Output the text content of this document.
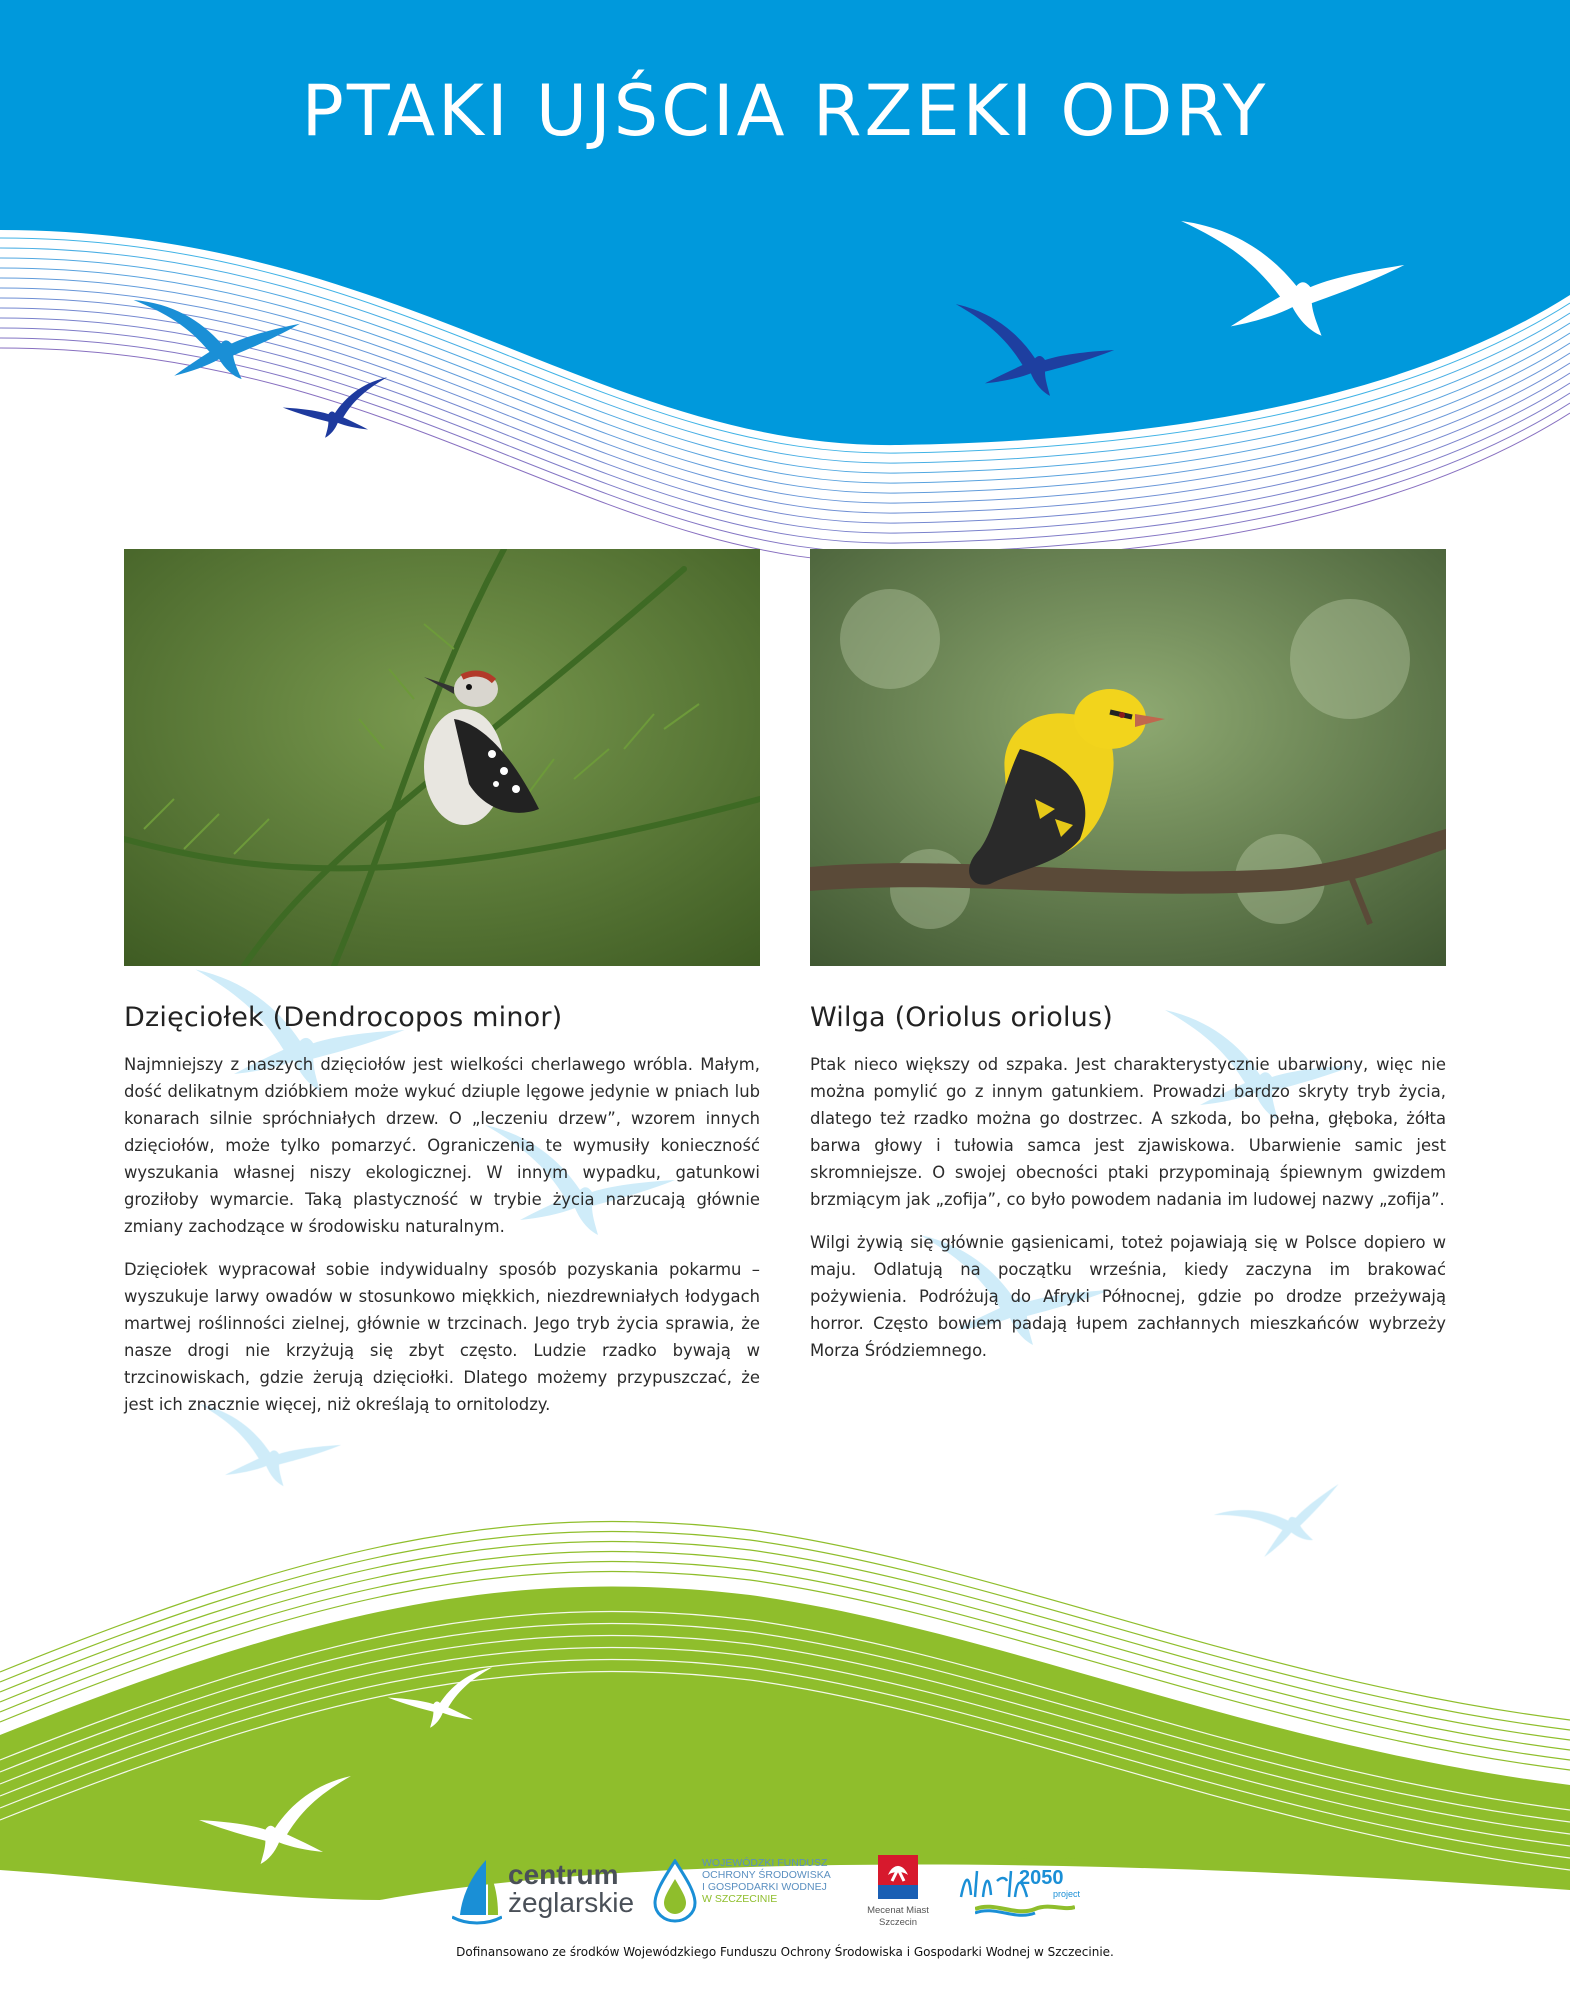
PTAKI UJŚCIA RZEKI ODRY
Dzięciołek (Dendrocopos minor)

Najmniejszy z naszych dzięciołów jest wielkości cherlawego wróbla. Małym, dość delikatnym dzióbkiem może wykuć dziuple lęgowe jedynie w pniach lub konarach silnie spróchniałych drzew. O „leczeniu drzew”, wzorem innych dzięciołów, może tylko pomarzyć. Ograniczenia te wymusiły konieczność wyszukania własnej niszy ekologicznej. W innym wypadku, gatunkowi groziłoby wymarcie. Taką plastyczność w trybie życia narzucają głównie zmiany zachodzące w środowisku naturalnym.

Dzięciołek wypracował sobie indywidualny sposób pozyskania pokarmu – wyszukuje larwy owadów w stosunkowo miękkich, niezdrewniałych łodygach martwej roślinności zielnej, głównie w trzcinach. Jego tryb życia sprawia, że nasze drogi nie krzyżują się zbyt często. Ludzie rzadko bywają w trzcinowiskach, gdzie żerują dzięciołki. Dlatego możemy przypuszczać, że jest ich znacznie więcej, niż określają to ornitolodzy.

Wilga (Oriolus oriolus)

Ptak nieco większy od szpaka. Jest charakterystycznie ubarwiony, więc nie można pomylić go z innym gatunkiem. Prowadzi bardzo skryty tryb życia, dlatego też rzadko można go dostrzec. A szkoda, bo pełna, głęboka, żółta barwa głowy i tułowia samca jest zjawiskowa. Ubarwienie samic jest skromniejsze. O swojej obecności ptaki przypominają śpiewnym gwizdem brzmiącym jak „zofija”, co było powodem nadania im ludowej nazwy „zofija”.

Wilgi żywią się głównie gąsienicami, toteż pojawiają się w Polsce dopiero w maju. Odlatują na początku września, kiedy zaczyna im brakować pożywienia. Podróżują do Afryki Północnej, gdzie po drodze przeżywają horror. Często bowiem padają łupem zachłannych mieszkańców wybrzeży Morza Śródziemnego.

centrum
żeglarskie
WOJEWÓDZKI FUNDUSZ
OCHRONY ŚRODOWISKA
I GOSPODARKI WODNEJ
W SZCZECINIE
Mecenat Miast
Szczecin
floating garden
2050
project
Dofinansowano ze środków Wojewódzkiego Funduszu Ochrony Środowiska i Gospodarki Wodnej w Szczecinie.
